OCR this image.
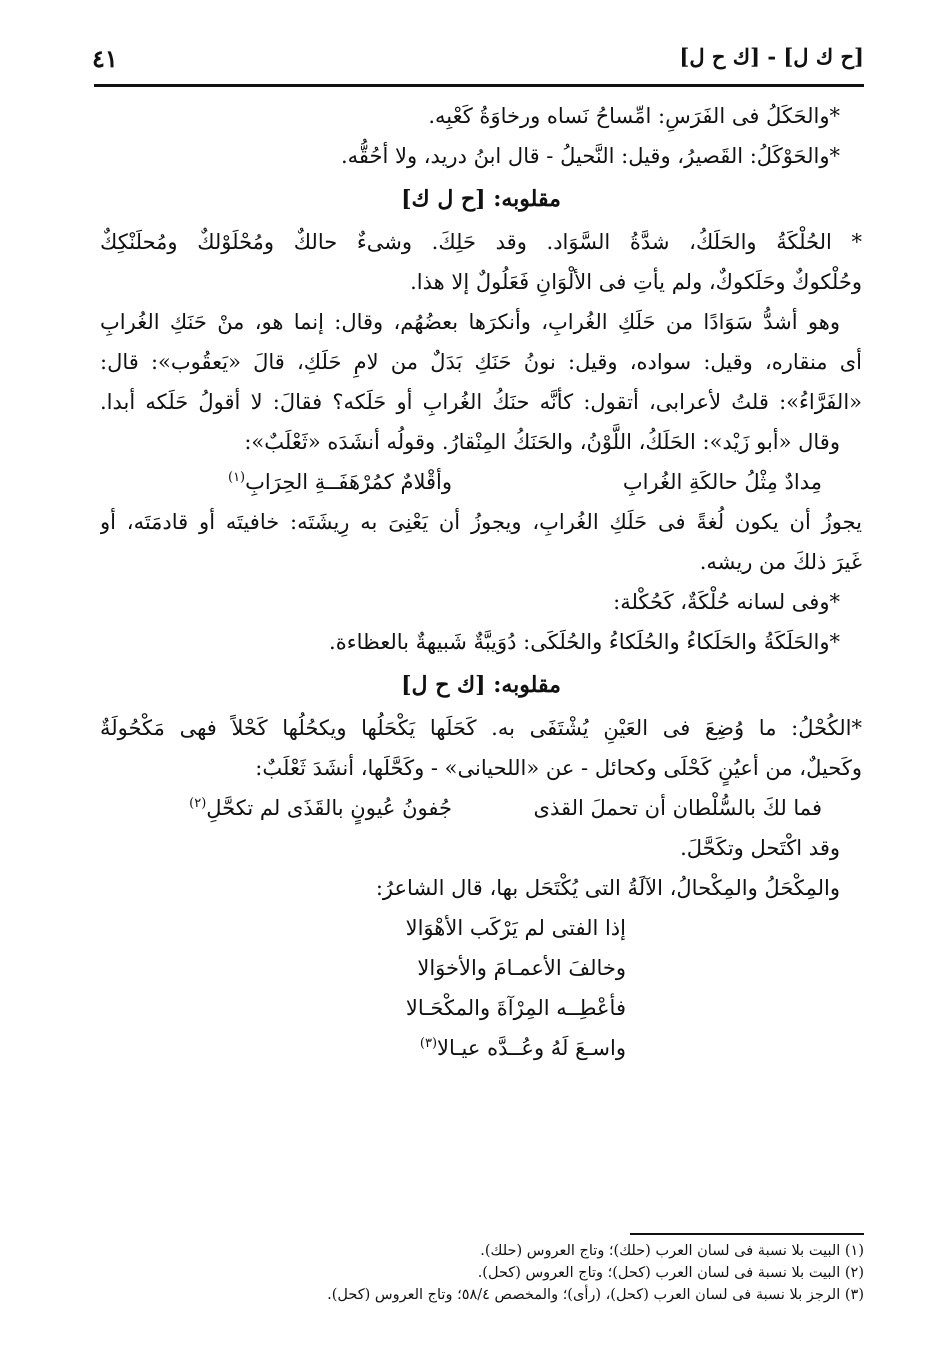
[ح ك ل] - [ك ح ل]
٤١
*والحَكَلُ فى الفَرَسِ: امِّساحُ نَساه ورخاوَةُ كَعْبِه.
*والحَوْكَلُ: القَصيرُ، وقيل: النَّحيلُ - قال ابنُ دريد، ولا أحُقُّه.
مقلوبه: [ح ل ك]
* الحُلْكَةُ والحَلَكُ، شدَّةُ السَّوَاد. وقد حَلِكَ. وشىءٌ حالكٌ ومُحْلَوْلكٌ ومُحلَنْكِكٌ
وحُلْكوكٌ وحَلَكوكٌ، ولم يأتِ فى الألْوَانِ فَعَلُولٌ إلا هذا.
وهو أشدُّ سَوَادًا من حَلَكِ الغُرابِ، وأنكرَها بعضُهُم، وقال: إنما هو، منْ حَنَكِ الغُرابِ
أى منقاره، وقيل: سواده، وقيل: نونُ حَنَكِ بَدَلٌ من لامِ حَلَكِ، قالَ «يَعقُوب»: قال:
«الفَرَّاءُ»: قلتُ لأعرابى، أتقول: كأنَّه حنَكُ الغُرابِ أو حَلَكه؟ فقالَ: لا أقولُ حَلَكه أبدا.
وقال «أبو زَيْد»: الحَلَكُ، اللَّوْنُ، والحَنَكُ المِنْقارُ. وقولُه أنشَدَه «ثَعْلَبٌ»:
مِدادٌ مِثْلُ حالكَةِ الغُرابِ
وأقْلامٌ كمُرْهَفَــةِ الحِرَابِ$^{(١)}$
يجوزُ أن يكون لُغةً فى حَلَكِ الغُرابِ، ويجوزُ أن يَعْنِىَ به رِيشَتَه: خافيتَه أو قادمَتَه، أو
غَيرَ ذلكَ من ريشه.
*وفى لسانه حُلْكَةٌ، كَحُكْلة:
*والحَلَكَةُ والحَلَكاءُ والحُلَكاءُ والحُلَكَى: دُوَيبَّةٌ شَبيهةٌ بالعظاءة.
مقلوبه: [ك ح ل]
*الكُحْلُ: ما وُضِعَ فى العَيْنِ يُشْتَفَى به. كَحَلَها يَكْحَلُها ويكحُلُها كَحْلاً فهى مَكْحُولَةٌ
وكَحيلٌ، من أعيُنٍ كَحْلَى وكحائل - عن «اللحيانى» - وكَحَّلَها، أنشَدَ ثَعْلَبٌ:
فما لكَ بالسُّلْطان أن تحملَ القذى
جُفونُ عُيونٍ بالقَذَى لم تكحَّلِ$^{(٢)}$
وقد اكْتَحل وتكَحَّلَ.
والمِكْحَلُ والمِكْحالُ، الآلَةُ التى يُكْتَحَل بها، قال الشاعرُ:
إذا الفتى لم يَرْكَب الأهْوَالا
وخالفَ الأعمـامَ والأخوَالا
فأعْطِــه المِرْآةَ والمكْحَـالا
واسـعَ لَهُ وعُــدَّه عيـالا$^{(٣)}$
(١) البيت بلا نسبة فى لسان العرب (حلك)؛ وتاج العروس (حلك).
(٢) البيت بلا نسبة فى لسان العرب (كحل)؛ وتاج العروس (كحل).
(٣) الرجز بلا نسبة فى لسان العرب (كحل)، (رأى)؛ والمخصص ٥٨/٤؛ وتاج العروس (كحل).
